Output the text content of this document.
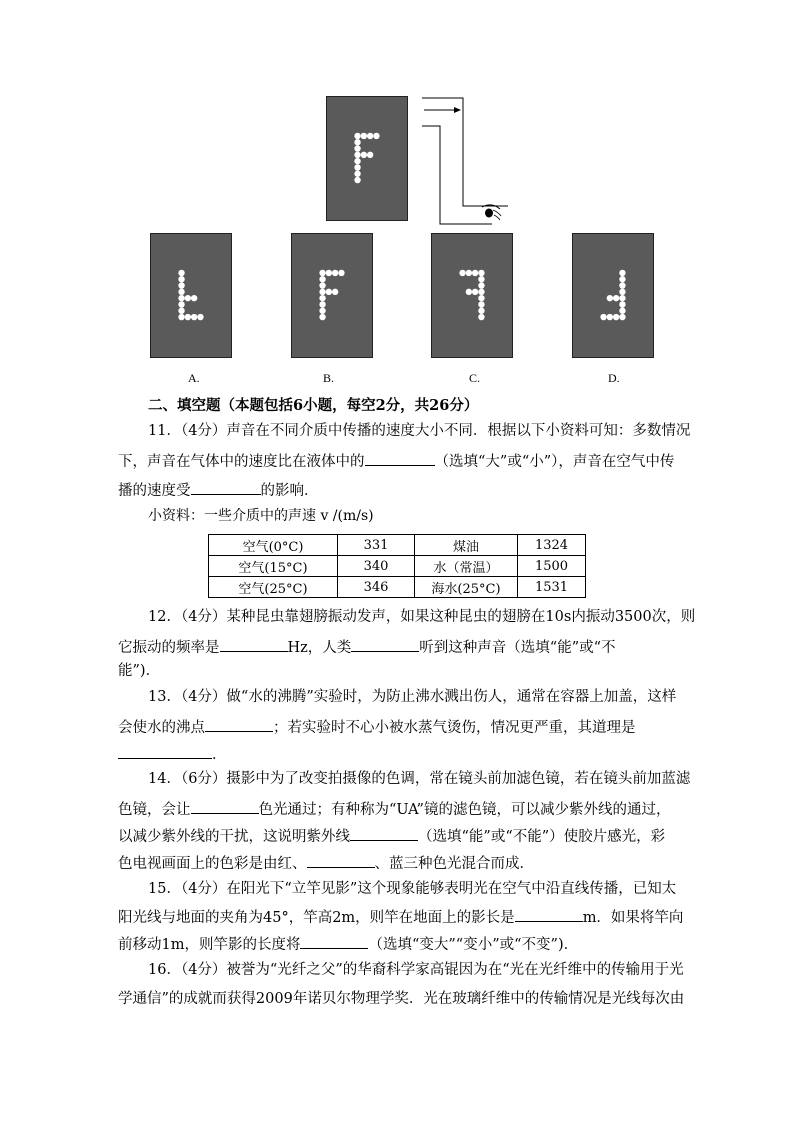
A.	B.	C.	D.
二、填空题（本题包括6小题，每空2分，共26分）
11．（4分）声音在不同介质中传播的速度大小不同．根据以下小资料可知：多数情况
下，声音在气体中的速度比在液体中的	（选填“大”或“小”），声音在空气中传
播的速度受	的影响．
小资料：一些介质中的声速 v /(m/s)
空气(0°C)	331	煤油	1324
空气(15°C)	340	水（常温）	1500
空气(25°C)	346	海水(25°C)	1531
12．（4分）某种昆虫靠翅膀振动发声，如果这种昆虫的翅膀在10s内振动3500次，则
它振动的频率是	Hz，人类	听到这种声音（选填“能”或“不
能”)．
13．（4分）做“水的沸腾”实验时，为防止沸水溅出伤人，通常在容器上加盖，这样
会使水的沸点	；若实验时不心小被水蒸气烫伤，情况更严重，其道理是
．
14．（6分）摄影中为了改变拍摄像的色调，常在镜头前加滤色镜，若在镜头前加蓝滤
色镜，会让	色光通过；有种称为“UA”镜的滤色镜，可以减少紫外线的通过，
以减少紫外线的干扰，这说明紫外线	（选填“能”或“不能”）使胶片感光，彩
色电视画面上的色彩是由红、	、蓝三种色光混合而成．
15．（4分）在阳光下“立竿见影”这个现象能够表明光在空气中沿直线传播，已知太
阳光线与地面的夹角为45°，竿高2m，则竿在地面上的影长是	m．如果将竿向
前移动1m，则竿影的长度将	（选填“变大”“变小”或“不变”)．
16．（4分）被誉为“光纤之父”的华裔科学家高锟因为在“光在光纤维中的传输用于光
学通信”的成就而获得2009年诺贝尔物理学奖．光在玻璃纤维中的传输情况是光线每次由
